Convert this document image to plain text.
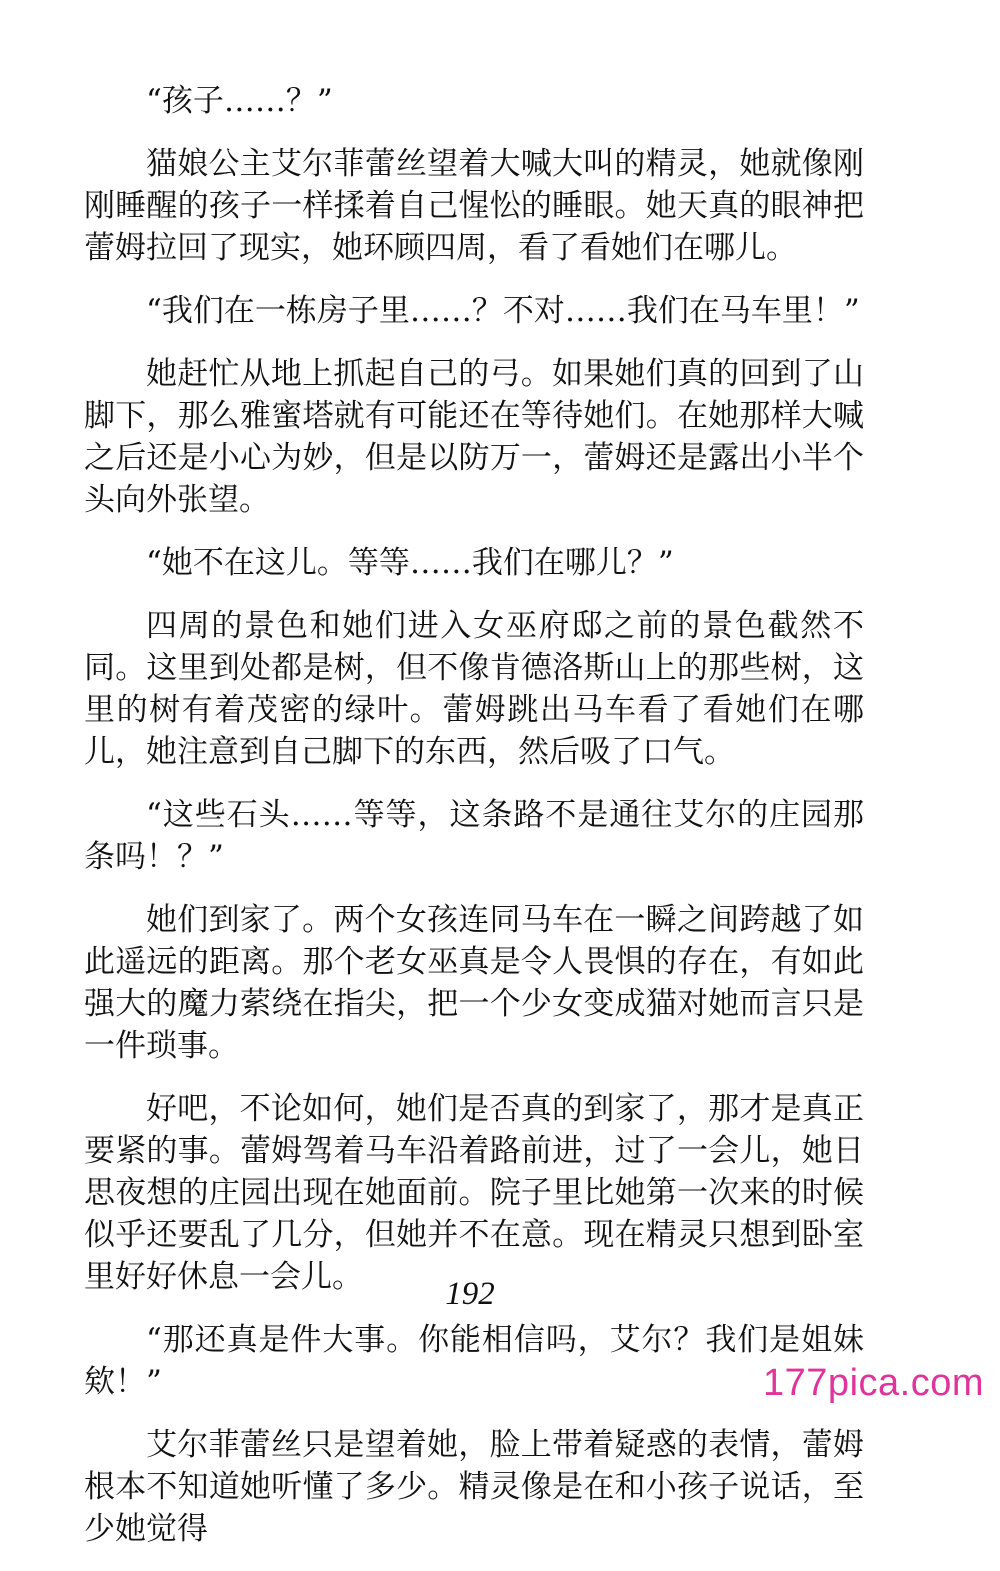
“孩子……？”

猫娘公主艾尔菲蕾丝望着大喊大叫的精灵，她就像刚刚睡醒的孩子一样揉着自己惺忪的睡眼。她天真的眼神把蕾姆拉回了现实，她环顾四周，看了看她们在哪儿。

“我们在一栋房子里……？不对……我们在马车里！”

她赶忙从地上抓起自己的弓。如果她们真的回到了山脚下，那么雅蜜塔就有可能还在等待她们。在她那样大喊之后还是小心为妙，但是以防万一，蕾姆还是露出小半个头向外张望。

“她不在这儿。等等……我们在哪儿？”

四周的景色和她们进入女巫府邸之前的景色截然不同。这里到处都是树，但不像肯德洛斯山上的那些树，这里的树有着茂密的绿叶。蕾姆跳出马车看了看她们在哪儿，她注意到自己脚下的东西，然后吸了口气。

“这些石头……等等，这条路不是通往艾尔的庄园那条吗！？”

她们到家了。两个女孩连同马车在一瞬之间跨越了如此遥远的距离。那个老女巫真是令人畏惧的存在，有如此强大的魔力萦绕在指尖，把一个少女变成猫对她而言只是一件琐事。

好吧，不论如何，她们是否真的到家了，那才是真正要紧的事。蕾姆驾着马车沿着路前进，过了一会儿，她日思夜想的庄园出现在她面前。院子里比她第一次来的时候似乎还要乱了几分，但她并不在意。现在精灵只想到卧室里好好休息一会儿。

“那还真是件大事。你能相信吗，艾尔？我们是姐妹欸！”

艾尔菲蕾丝只是望着她，脸上带着疑惑的表情，蕾姆根本不知道她听懂了多少。精灵像是在和小孩子说话，至少她觉得

192
177pica.com
